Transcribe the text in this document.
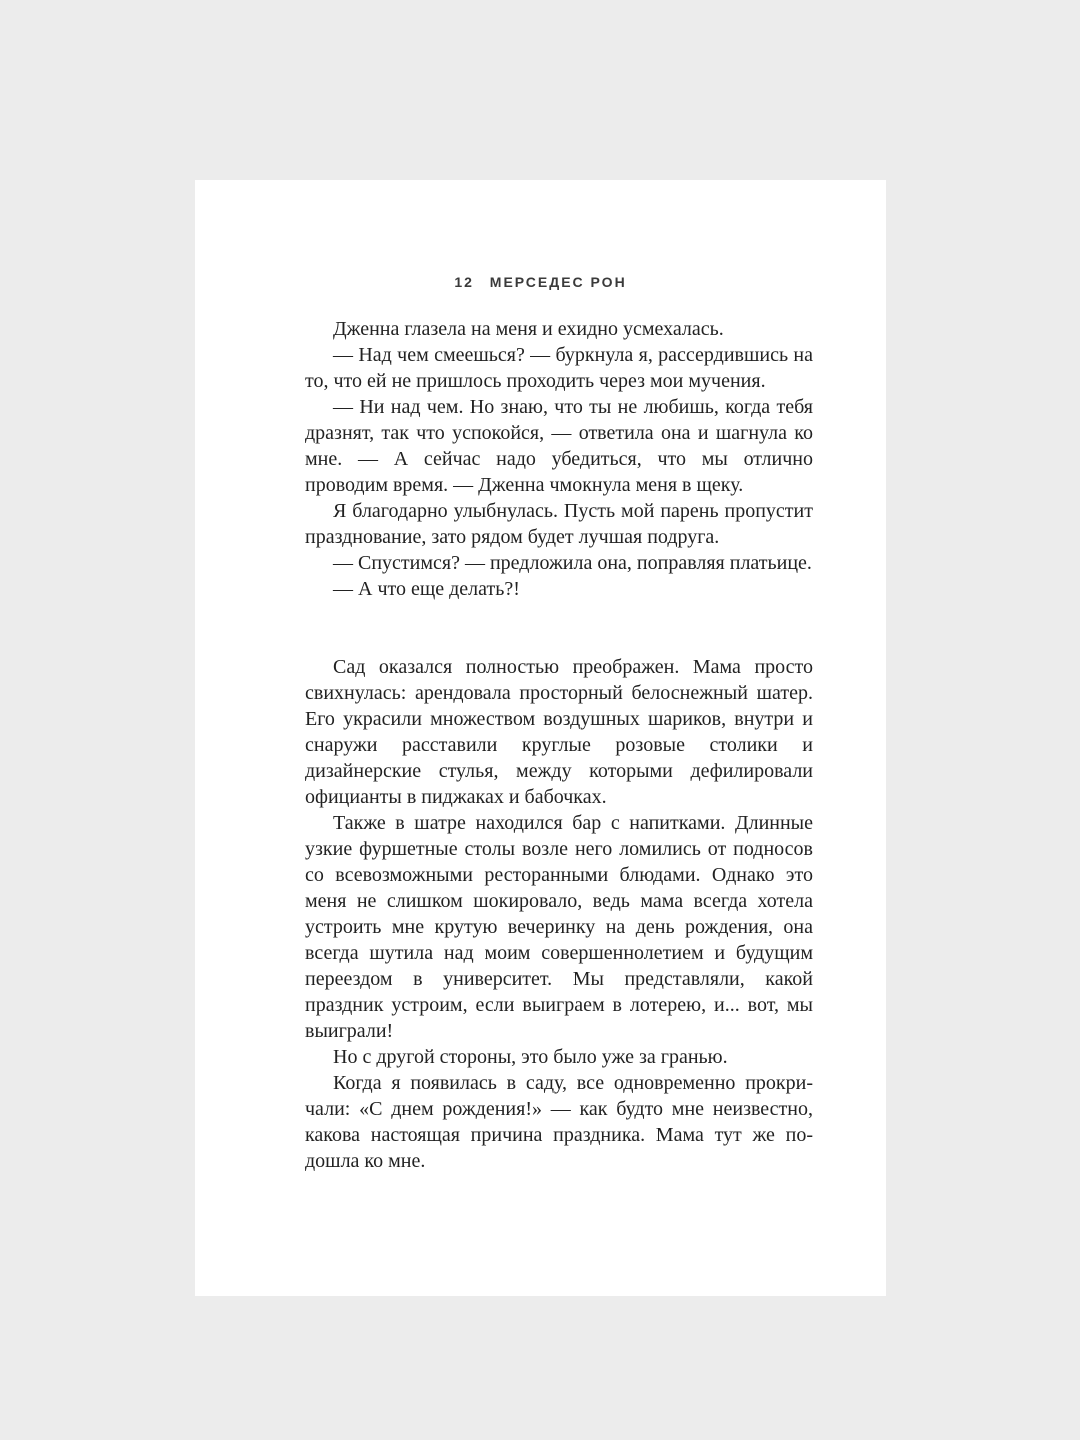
12 МЕРСЕДЕС РОН

Дженна глазела на меня и ехидно усмехалась.

— Над чем смеешься? — буркнула я, рассердившись на то, что ей не пришлось проходить через мои мучения.

— Ни над чем. Но знаю, что ты не любишь, когда тебя дразнят, так что успокойся, — ответила она и шагнула ко мне. — А сейчас надо убедиться, что мы отлично проводим время. — Дженна чмокнула меня в щеку.

Я благодарно улыбнулась. Пусть мой парень пропустит празднование, зато рядом будет лучшая подруга.

— Спустимся? — предложила она, поправляя платьице.

— А что еще делать?!

Сад оказался полностью преображен. Мама просто свихнулась: арендовала просторный белоснежный шатер. Его украсили множеством воздушных шариков, внутри и снаружи расставили круглые розовые столики и дизайнерские стулья, между которыми дефилировали официанты в пиджаках и бабочках.

Также в шатре находился бар с напитками. Длинные узкие фуршетные столы возле него ломились от подносов со всевозможными ресторанными блюдами. Однако это меня не слишком шокировало, ведь мама всегда хотела устроить мне крутую вечеринку на день рождения, она всегда шутила над моим совершеннолетием и будущим переездом в университет. Мы представляли, какой праздник устроим, если выиграем в лотерею, и... вот, мы выиграли!

Но с другой стороны, это было уже за гранью.

Когда я появилась в саду, все одновременно прокричали: «С днем рождения!» — как будто мне неизвестно, какова настоящая причина праздника. Мама тут же подошла ко мне.
